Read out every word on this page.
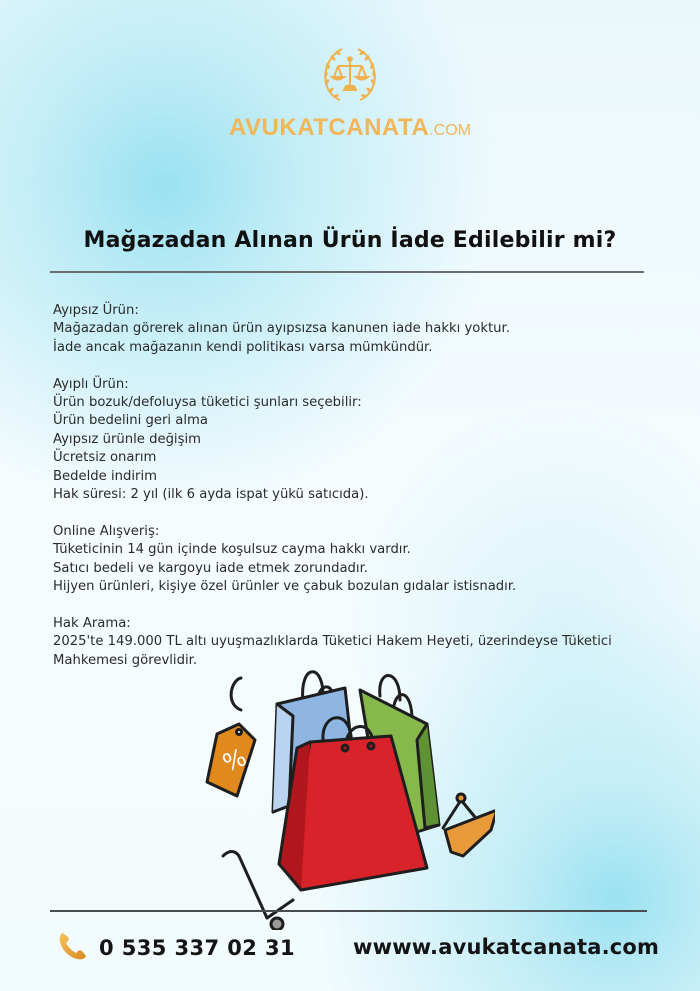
AVUKATCANATA.COM
Mağazadan Alınan Ürün İade Edilebilir mi?
Ayıpsız Ürün:
Mağazadan görerek alınan ürün ayıpsızsa kanunen iade hakkı yoktur.
İade ancak mağazanın kendi politikası varsa mümkündür.
Ayıplı Ürün:
Ürün bozuk/defoluysa tüketici şunları seçebilir:
Ürün bedelini geri alma
Ayıpsız ürünle değişim
Ücretsiz onarım
Bedelde indirim
Hak süresi: 2 yıl (ilk 6 ayda ispat yükü satıcıda).
Online Alışveriş:
Tüketicinin 14 gün içinde koşulsuz cayma hakkı vardır.
Satıcı bedeli ve kargoyu iade etmek zorundadır.
Hijyen ürünleri, kişiye özel ürünler ve çabuk bozulan gıdalar istisnadır.
Hak Arama:
2025'te 149.000 TL altı uyuşmazlıklarda Tüketici Hakem Heyeti, üzerindeyse Tüketici Mahkemesi görevlidir.
%
0 535 337 02 31	wwww.avukatcanata.com
